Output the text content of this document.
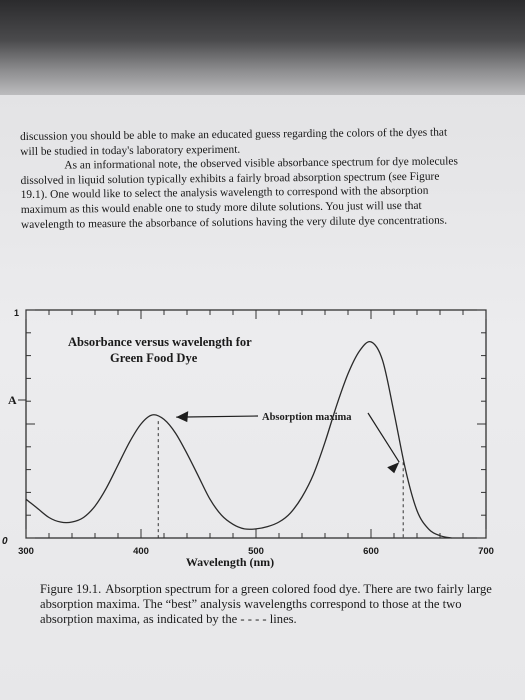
discussion you should be able to make an educated guess regarding the colors of the dyes that

will be studied in today's laboratory experiment.

As an informational note, the observed visible absorbance spectrum for dye molecules

dissolved in liquid solution typically exhibits a fairly broad absorption spectrum (see Figure

19.1). One would like to select the analysis wavelength to correspond with the absorption

maximum as this would enable one to study more dilute solutions. You just will use that

wavelength to measure the absorbance of solutions having the very dilute dye concentrations.

Absorption maxima
Absorbance versus wavelength for
Green Food Dye
A
0
1
300	400	500	600	700
Wavelength (nm)
Figure 19.1. Absorption spectrum for a green colored food dye. There are two fairly large absorption maxima. The “best” analysis wavelengths correspond to those at the two absorption maxima, as indicated by the - - - - lines.
